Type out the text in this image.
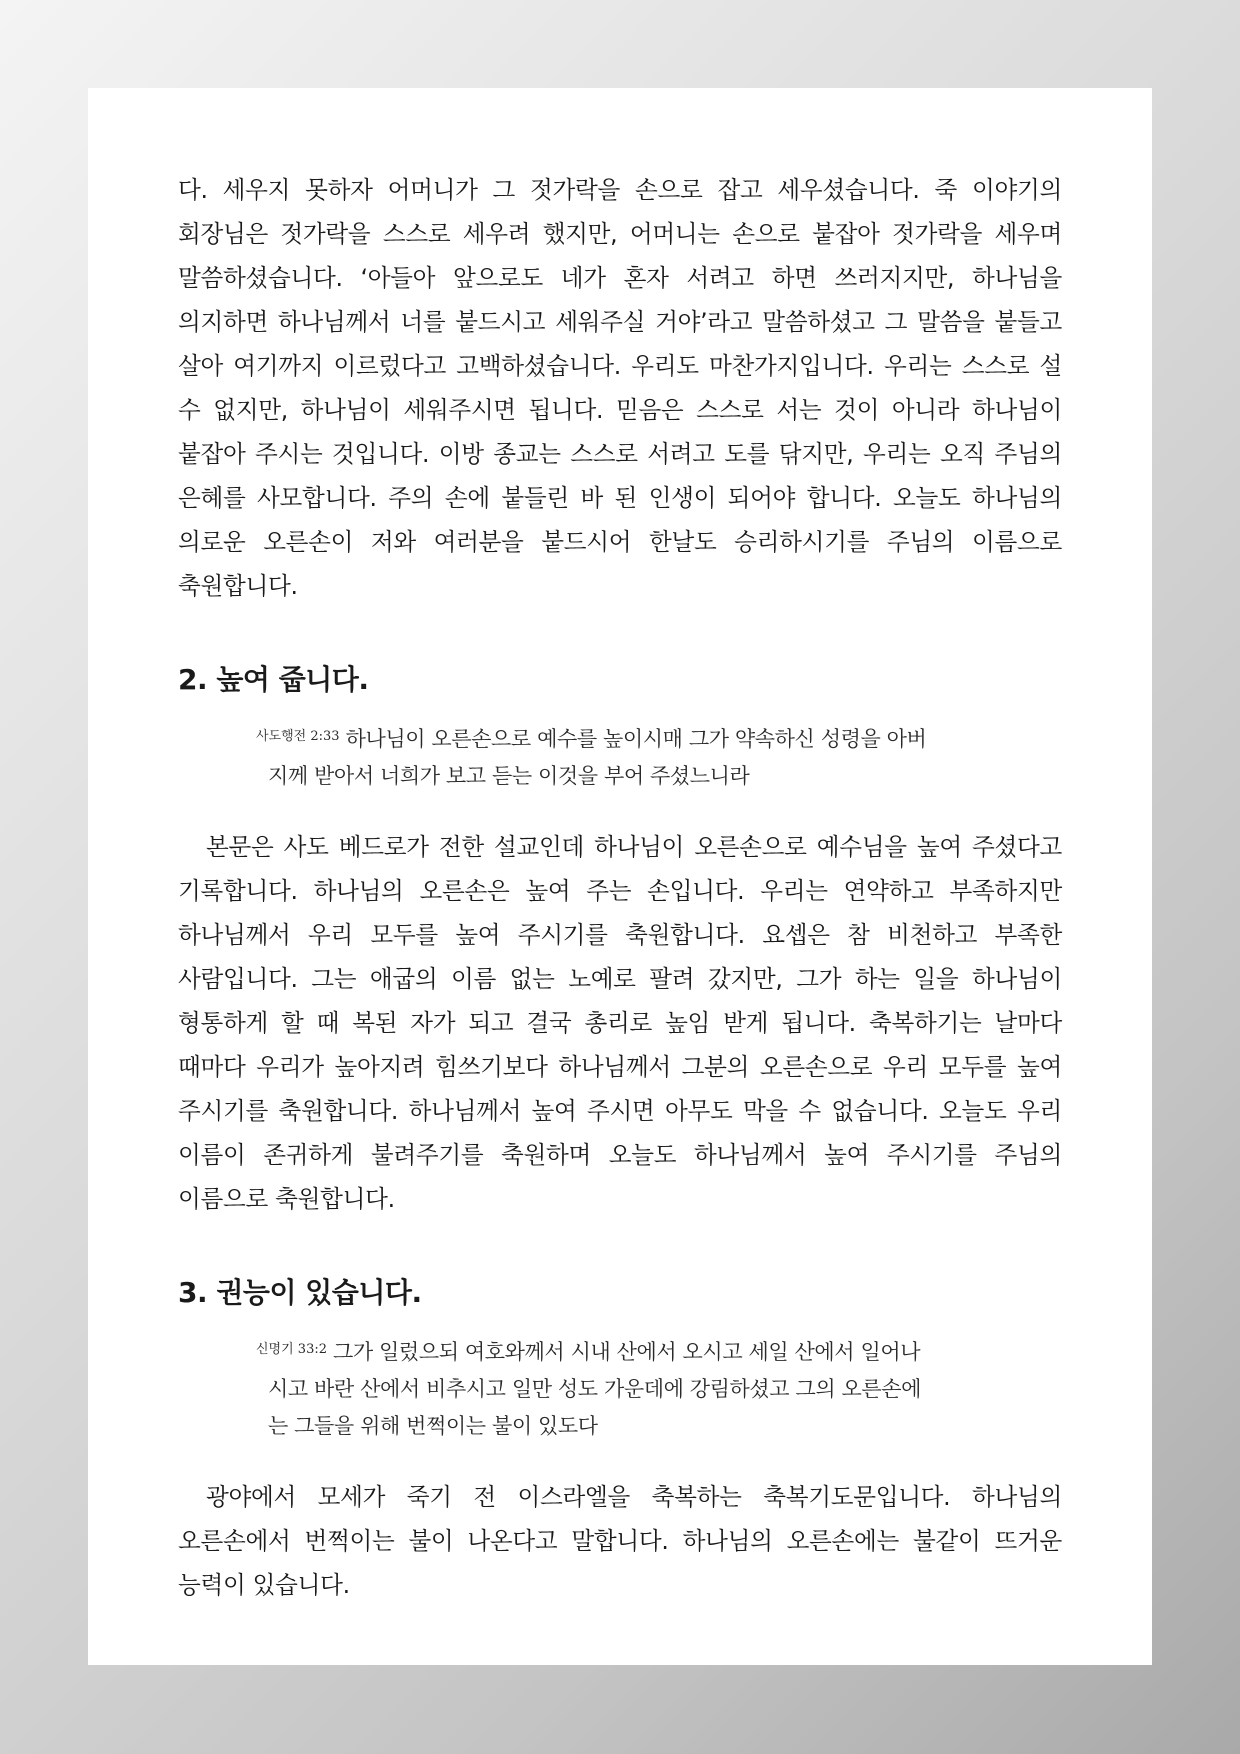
다. 세우지 못하자 어머니가 그 젓가락을 손으로 잡고 세우셨습니다. 죽 이야기의 회장님은 젓가락을 스스로 세우려 했지만, 어머니는 손으로 붙잡아 젓가락을 세우며 말씀하셨습니다. ‘아들아 앞으로도 네가 혼자 서려고 하면 쓰러지지만, 하나님을 의지하면 하나님께서 너를 붙드시고 세워주실 거야’라고 말씀하셨고 그 말씀을 붙들고 살아 여기까지 이르렀다고 고백하셨습니다. 우리도 마찬가지입니다. 우리는 스스로 설 수 없지만, 하나님이 세워주시면 됩니다. 믿음은 스스로 서는 것이 아니라 하나님이 붙잡아 주시는 것입니다. 이방 종교는 스스로 서려고 도를 닦지만, 우리는 오직 주님의 은혜를 사모합니다. 주의 손에 붙들린 바 된 인생이 되어야 합니다. 오늘도 하나님의 의로운 오른손이 저와 여러분을 붙드시어 한날도 승리하시기를 주님의 이름으로 축원합니다.

2. 높여 줍니다.

$^{사도행전 2:33}$ 하나님이 오른손으로 예수를 높이시매 그가 약속하신 성령을 아버
지께 받아서 너희가 보고 듣는 이것을 부어 주셨느니라

본문은 사도 베드로가 전한 설교인데 하나님이 오른손으로 예수님을 높여 주셨다고 기록합니다. 하나님의 오른손은 높여 주는 손입니다. 우리는 연약하고 부족하지만 하나님께서 우리 모두를 높여 주시기를 축원합니다. 요셉은 참 비천하고 부족한 사람입니다. 그는 애굽의 이름 없는 노예로 팔려 갔지만, 그가 하는 일을 하나님이 형통하게 할 때 복된 자가 되고 결국 총리로 높임 받게 됩니다. 축복하기는 날마다 때마다 우리가 높아지려 힘쓰기보다 하나님께서 그분의 오른손으로 우리 모두를 높여 주시기를 축원합니다. 하나님께서 높여 주시면 아무도 막을 수 없습니다. 오늘도 우리 이름이 존귀하게 불려주기를 축원하며 오늘도 하나님께서 높여 주시기를 주님의 이름으로 축원합니다.

3. 권능이 있습니다.

$^{신명기 33:2}$ 그가 일렀으되 여호와께서 시내 산에서 오시고 세일 산에서 일어나
시고 바란 산에서 비추시고 일만 성도 가운데에 강림하셨고 그의 오른손에
는 그들을 위해 번쩍이는 불이 있도다

광야에서 모세가 죽기 전 이스라엘을 축복하는 축복기도문입니다. 하나님의 오른손에서 번쩍이는 불이 나온다고 말합니다. 하나님의 오른손에는 불같이 뜨거운 능력이 있습니다.
